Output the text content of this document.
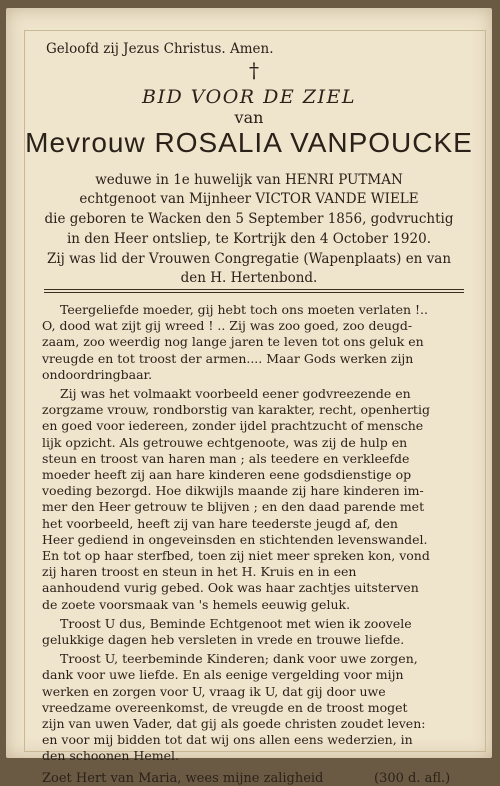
Geloofd zij Jezus Christus. Amen.
†
BID VOOR DE ZIEL
van
Mevrouw ROSALIA VANPOUCKE
weduwe in 1e huwelijk van HENRI PUTMAN
echtgenoot van Mijnheer VICTOR VANDE WIELE
die geboren te Wacken den 5 September 1856, godvruchtig
in den Heer ontsliep, te Kortrijk den 4 October 1920.
Zij was lid der Vrouwen Congregatie (Wapenplaats) en van
den H. Hertenbond.
Teergeliefde moeder, gij hebt toch ons moeten verlaten !..
O, dood wat zijt gij wreed ! .. Zij was zoo goed, zoo deugd-
zaam, zoo weerdig nog lange jaren te leven tot ons geluk en
vreugde en tot troost der armen.... Maar Gods werken zijn
ondoordringbaar.
Zij was het volmaakt voorbeeld eener godvreezende en
zorgzame vrouw, rondborstig van karakter, recht, openhertig
en goed voor iedereen, zonder ijdel prachtzucht of mensche
lijk opzicht. Als getrouwe echtgenoote, was zij de hulp en
steun en troost van haren man ; als teedere en verkleefde
moeder heeft zij aan hare kinderen eene godsdienstige op
voeding bezorgd. Hoe dikwijls maande zij hare kinderen im-
mer den Heer getrouw te blijven ; en den daad parende met
het voorbeeld, heeft zij van hare teederste jeugd af, den
Heer gediend in ongeveinsden en stichtenden levenswandel.
En tot op haar sterfbed, toen zij niet meer spreken kon, vond
zij haren troost en steun in het H. Kruis en in een
aanhoudend vurig gebed. Ook was haar zachtjes uitsterven
de zoete voorsmaak van 's hemels eeuwig geluk.
Troost U dus, Beminde Echtgenoot met wien ik zoovele
gelukkige dagen heb versleten in vrede en trouwe liefde.
Troost U, teerbeminde Kinderen; dank voor uwe zorgen,
dank voor uwe liefde. En als eenige vergelding voor mijn
werken en zorgen voor U, vraag ik U, dat gij door uwe
vreedzame overeenkomst, de vreugde en de troost moget
zijn van uwen Vader, dat gij als goede christen zoudet leven:
en voor mij bidden tot dat wij ons allen eens wederzien, in
den schoonen Hemel.
Zoet Hert van Maria, wees mijne zaligheid	(300 d. afl.)
